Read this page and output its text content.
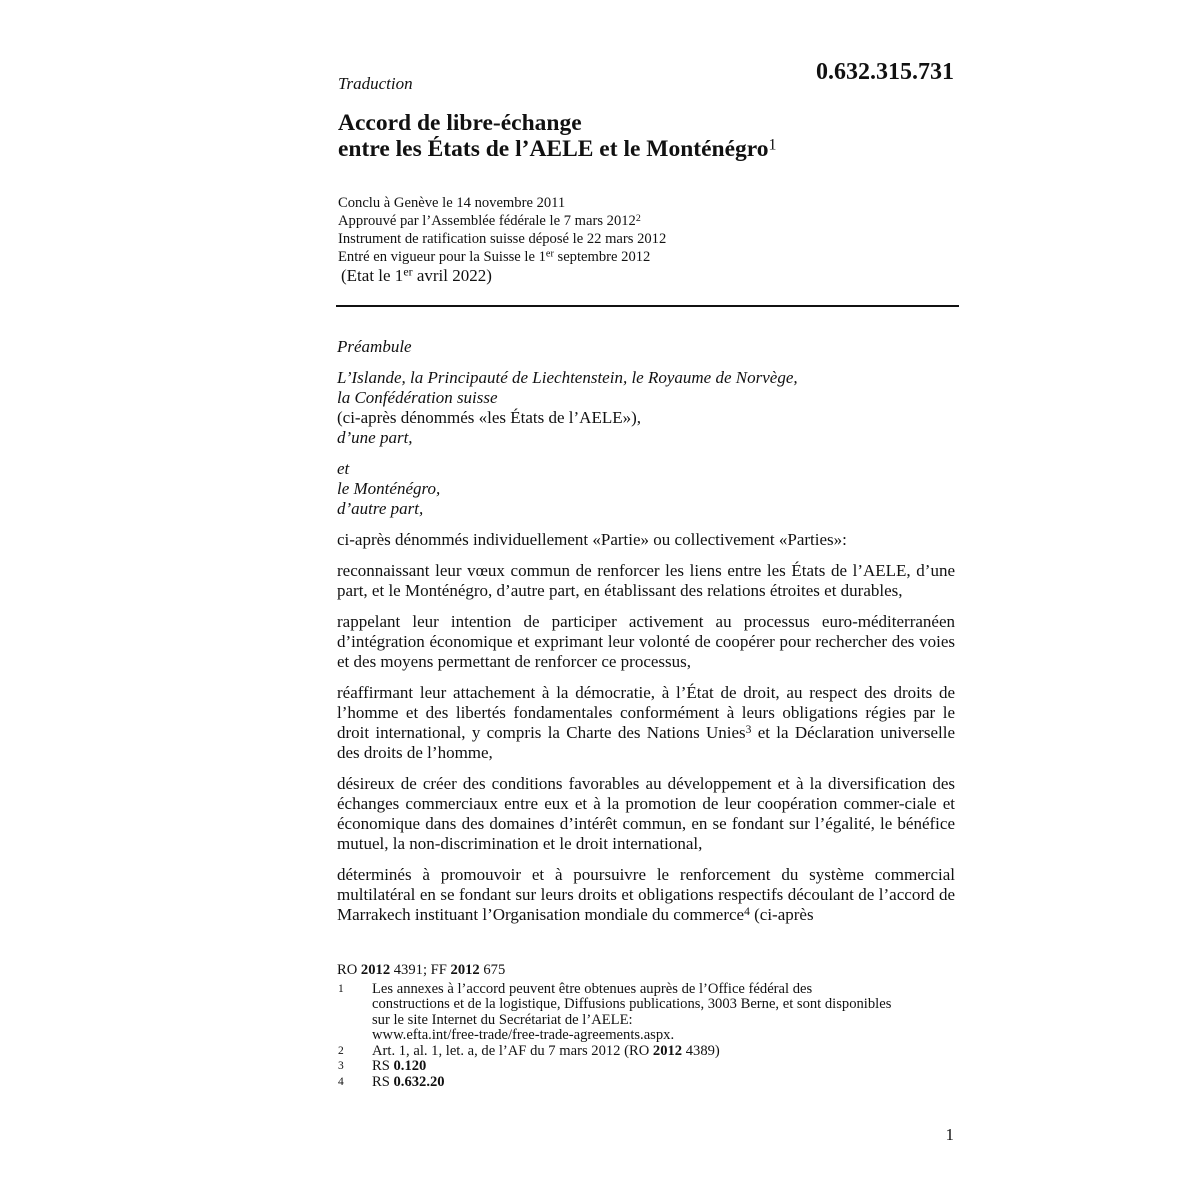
Traduction	0.632.315.731
Accord de libre-échange
entre les États de l’AELE et le Monténégro$^1$
Conclu à Genève le 14 novembre 2011
Approuvé par l’Assemblée fédérale le 7 mars 2012$^2$
Instrument de ratification suisse déposé le 22 mars 2012
Entré en vigueur pour la Suisse le 1er septembre 2012
(Etat le 1er avril 2022)

Préambule

L’Islande, la Principauté de Liechtenstein, le Royaume de Norvège,
la Confédération suisse
(ci-après dénommés «les États de l’AELE»),
d’une part,

et
le Monténégro,
d’autre part,

ci-après dénommés individuellement «Partie» ou collectivement «Parties»:

reconnaissant leur vœux commun de renforcer les liens entre les États de l’AELE, d’une part, et le Monténégro, d’autre part, en établissant des relations étroites et durables,

rappelant leur intention de participer activement au processus euro-méditerranéen d’intégration économique et exprimant leur volonté de coopérer pour rechercher des voies et des moyens permettant de renforcer ce processus,

réaffirmant leur attachement à la démocratie, à l’État de droit, au respect des droits de l’homme et des libertés fondamentales conformément à leurs obligations régies par le droit international, y compris la Charte des Nations Unies$^3$ et la Déclaration universelle des droits de l’homme,

désireux de créer des conditions favorables au développement et à la diversification des échanges commerciaux entre eux et à la promotion de leur coopération commer-ciale et économique dans des domaines d’intérêt commun, en se fondant sur l’égalité, le bénéfice mutuel, la non-discrimination et le droit international,

déterminés à promouvoir et à poursuivre le renforcement du système commercial multilatéral en se fondant sur leurs droits et obligations respectifs découlant de l’accord de Marrakech instituant l’Organisation mondiale du commerce$^4$ (ci-après

RO 2012 4391; FF 2012 675
1	Les annexes à l’accord peuvent être obtenues auprès de l’Office fédéral des
constructions et de la logistique, Diffusions publications, 3003 Berne, et sont disponibles
sur le site Internet du Secrétariat de l’AELE:
www.efta.int/free-trade/free-trade-agreements.aspx.
2	Art. 1, al. 1, let. a, de l’AF du 7 mars 2012 (RO 2012 4389)
3	RS 0.120
4	RS 0.632.20
1
